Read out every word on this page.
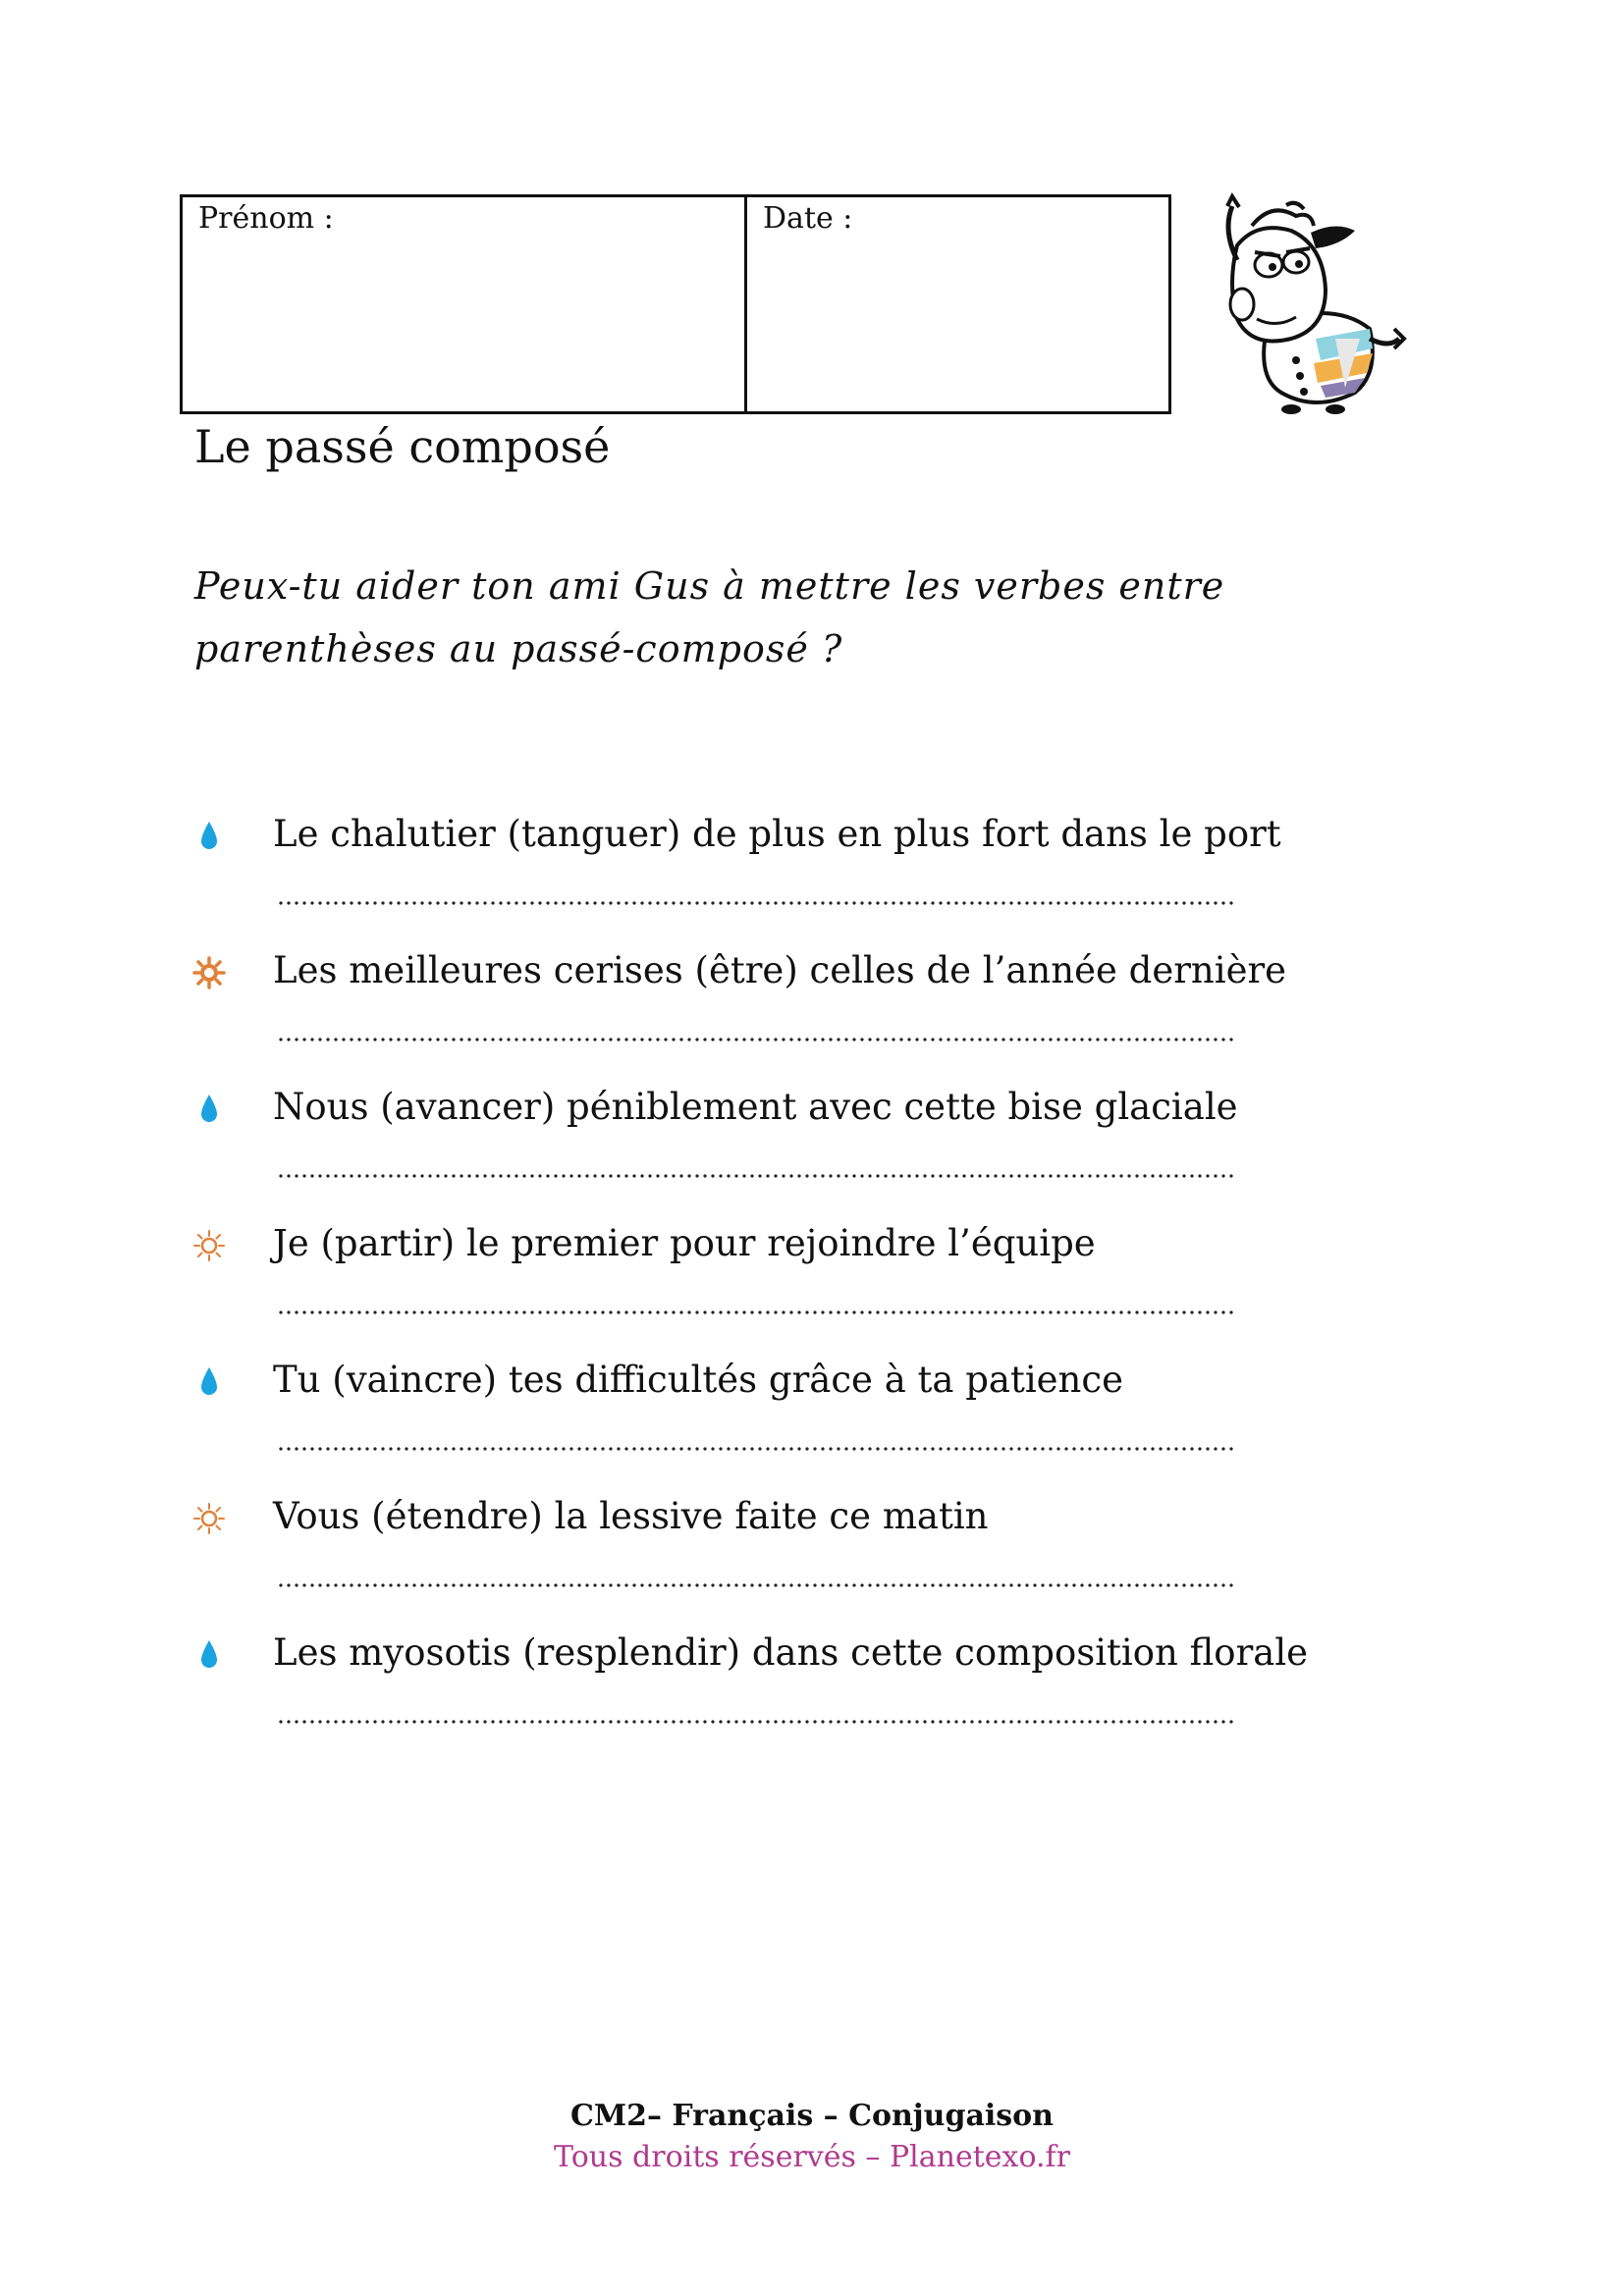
Prénom :	Date :
Le passé composé
Peux-tu aider ton ami Gus à mettre les verbes entre
parenthèses au passé-composé ?
Le chalutier (tanguer) de plus en plus fort dans le port
Les meilleures cerises (être) celles de l’année dernière
Nous (avancer) péniblement avec cette bise glaciale
Je (partir) le premier pour rejoindre l’équipe
Tu (vaincre) tes difficultés grâce à ta patience
Vous (étendre) la lessive faite ce matin
Les myosotis (resplendir) dans cette composition florale
CM2– Français – Conjugaison
Tous droits réservés – Planetexo.fr
